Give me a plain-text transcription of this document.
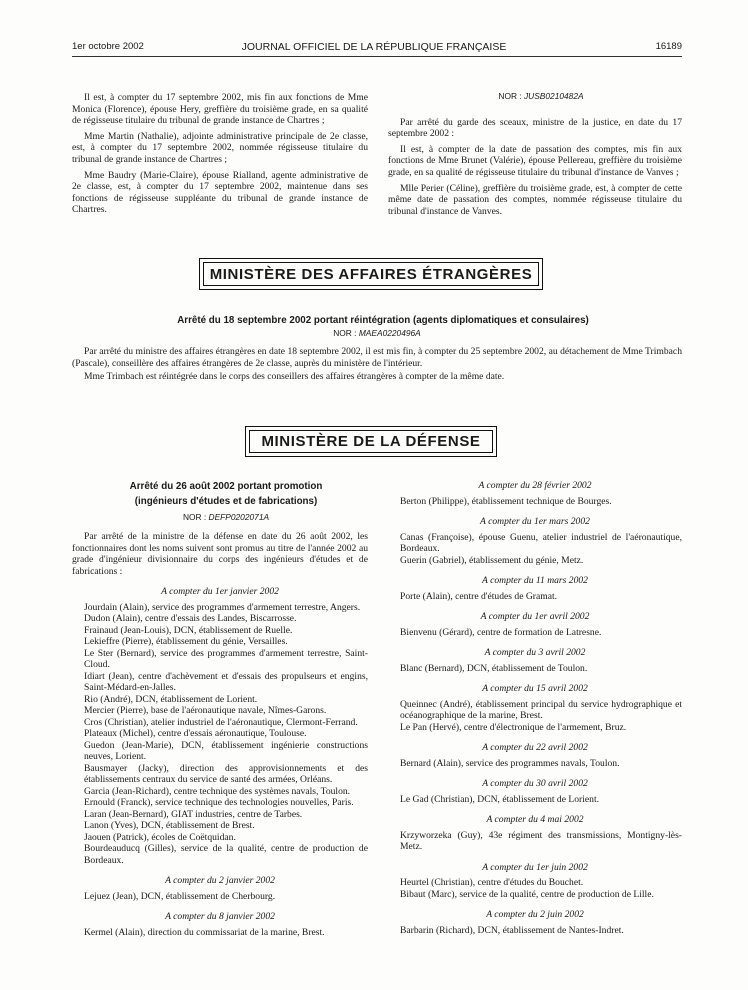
1er octobre 2002	JOURNAL OFFICIEL DE LA RÉPUBLIQUE FRANÇAISE	16189

Il est, à compter du 17 septembre 2002, mis fin aux fonctions de Mme Monica (Florence), épouse Hery, greffière du troisième grade, en sa qualité de régisseuse titulaire du tribunal de grande instance de Chartres ;

Mme Martin (Nathalie), adjointe administrative principale de 2e classe, est, à compter du 17 septembre 2002, nommée régisseuse titulaire du tribunal de grande instance de Chartres ;

Mme Baudry (Marie-Claire), épouse Rialland, agente administrative de 2e classe, est, à compter du 17 septembre 2002, maintenue dans ses fonctions de régisseuse suppléante du tribunal de grande instance de Chartres.

NOR : JUSB0210482A

Par arrêté du garde des sceaux, ministre de la justice, en date du 17 septembre 2002 :

Il est, à compter de la date de passation des comptes, mis fin aux fonctions de Mme Brunet (Valérie), épouse Pellereau, greffière du troisième grade, en sa qualité de régisseuse titulaire du tribunal d'instance de Vanves ;

Mlle Perier (Céline), greffière du troisième grade, est, à compter de cette même date de passation des comptes, nommée régisseuse titulaire du tribunal d'instance de Vanves.

MINISTÈRE DES AFFAIRES ÉTRANGÈRES

Arrêté du 18 septembre 2002 portant réintégration (agents diplomatiques et consulaires)

NOR : MAEA0220496A

Par arrêté du ministre des affaires étrangères en date 18 septembre 2002, il est mis fin, à compter du 25 septembre 2002, au détachement de Mme Trimbach (Pascale), conseillère des affaires étrangères de 2e classe, auprès du ministère de l'intérieur.

Mme Trimbach est réintégrée dans le corps des conseillers des affaires étrangères à compter de la même date.

MINISTÈRE DE LA DÉFENSE

Arrêté du 26 août 2002 portant promotion

(ingénieurs d'études et de fabrications)

NOR : DEFP0202071A

Par arrêté de la ministre de la défense en date du 26 août 2002, les fonctionnaires dont les noms suivent sont promus au titre de l'année 2002 au grade d'ingénieur divisionnaire du corps des ingénieurs d'études et de fabrications :

A compter du 1er janvier 2002

Jourdain (Alain), service des programmes d'armement terrestre, Angers.

Dudon (Alain), centre d'essais des Landes, Biscarrosse.

Frainaud (Jean-Louis), DCN, établissement de Ruelle.

Lekieffre (Pierre), établissement du génie, Versailles.

Le Ster (Bernard), service des programmes d'armement terrestre, Saint-Cloud.

Idiart (Jean), centre d'achèvement et d'essais des propulseurs et engins, Saint-Médard-en-Jalles.

Rio (André), DCN, établissement de Lorient.

Mercier (Pierre), base de l'aéronautique navale, Nîmes-Garons.

Cros (Christian), atelier industriel de l'aéronautique, Clermont-Ferrand.

Plateaux (Michel), centre d'essais aéronautique, Toulouse.

Guedon (Jean-Marie), DCN, établissement ingénierie constructions neuves, Lorient.

Bausmayer (Jacky), direction des approvisionnements et des établissements centraux du service de santé des armées, Orléans.

Garcia (Jean-Richard), centre technique des systèmes navals, Toulon.

Ernould (Franck), service technique des technologies nouvelles, Paris.

Laran (Jean-Bernard), GIAT industries, centre de Tarbes.

Lanon (Yves), DCN, établissement de Brest.

Jaouen (Patrick), écoles de Coëtquidan.

Bourdeauducq (Gilles), service de la qualité, centre de production de Bordeaux.

A compter du 2 janvier 2002

Lejuez (Jean), DCN, établissement de Cherbourg.

A compter du 8 janvier 2002

Kermel (Alain), direction du commissariat de la marine, Brest.

A compter du 28 février 2002

Berton (Philippe), établissement technique de Bourges.

A compter du 1er mars 2002

Canas (Françoise), épouse Guenu, atelier industriel de l'aéronautique, Bordeaux.

Guerin (Gabriel), établissement du génie, Metz.

A compter du 11 mars 2002

Porte (Alain), centre d'études de Gramat.

A compter du 1er avril 2002

Bienvenu (Gérard), centre de formation de Latresne.

A compter du 3 avril 2002

Blanc (Bernard), DCN, établissement de Toulon.

A compter du 15 avril 2002

Queinnec (André), établissement principal du service hydrographique et océanographique de la marine, Brest.

Le Pan (Hervé), centre d'électronique de l'armement, Bruz.

A compter du 22 avril 2002

Bernard (Alain), service des programmes navals, Toulon.

A compter du 30 avril 2002

Le Gad (Christian), DCN, établissement de Lorient.

A compter du 4 mai 2002

Krzyworzeka (Guy), 43e régiment des transmissions, Montigny-lès-Metz.

A compter du 1er juin 2002

Heurtel (Christian), centre d'études du Bouchet.

Bibaut (Marc), service de la qualité, centre de production de Lille.

A compter du 2 juin 2002

Barbarin (Richard), DCN, établissement de Nantes-Indret.
